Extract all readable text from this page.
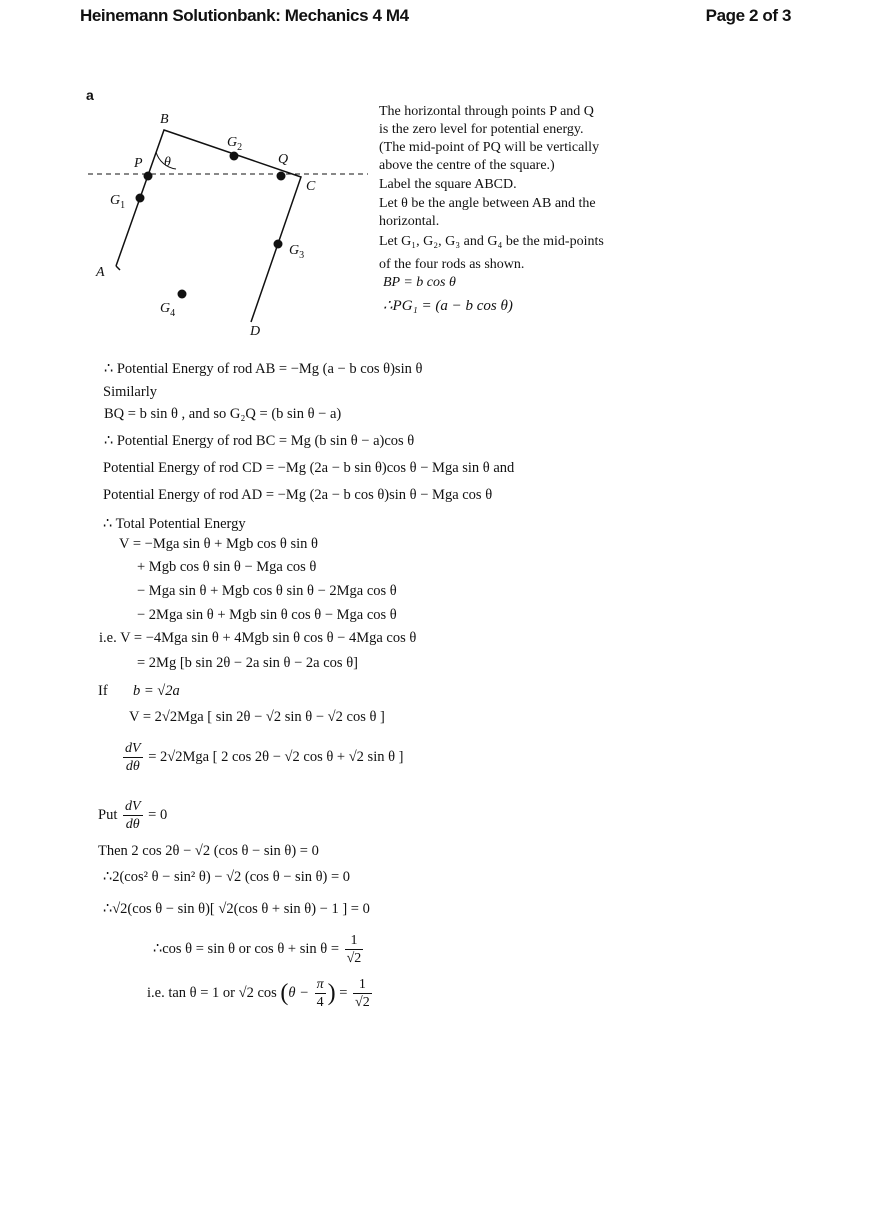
Heinemann Solutionbank: Mechanics 4 M4	Page 2 of 3
a
B
$G_2$
P θ	Q
C
$G_1$
$G_3$
A
$G_4$
D
The horizontal through points P and Q
is the zero level for potential energy.
(The mid-point of PQ will be vertically
above the centre of the square.)
Label the square ABCD.
Let θ be the angle between AB and the
horizontal.
Let G₁, G₂, G₃ and G₄ be the mid-points
of the four rods as shown.
BP = b cos θ
∴PG₁ = (a − b cos θ)
∴ Potential Energy of rod AB = −Mg (a − b cos θ)sin θ
Similarly
BQ = b sin θ , and so G₂Q = (b sin θ − a)
∴ Potential Energy of rod BC = Mg (b sin θ − a)cos θ
Potential Energy of rod CD = −Mg (2a − b sin θ)cos θ − Mga sin θ and
Potential Energy of rod AD = −Mg (2a − b cos θ)sin θ − Mga cos θ
∴ Total Potential Energy
V = −Mga sin θ + Mgb cos θ sin θ
+ Mgb cos θ sin θ − Mga cos θ
− Mga sin θ + Mgb cos θ sin θ − 2Mga cos θ
− 2Mga sin θ + Mgb sin θ cos θ − Mga cos θ
i.e. V = −4Mga sin θ + 4Mgb sin θ cos θ − 4Mga cos θ
= 2Mg [b sin 2θ − 2a sin θ − 2a cos θ]
If b = √2a
V = 2√2Mga [ sin 2θ − √2 sin θ − √2 cos θ ]
$\frac{dV}{d\theta} = 2√2Mga$ [ 2 cos 2θ − √2 cos θ + √2 sin θ ]
Put $\frac{dV}{d\theta} = 0$
Then 2 cos 2θ − √2 (cos θ − sin θ) = 0
∴2(cos² θ − sin² θ) − √2 (cos θ − sin θ) = 0
∴√2(cos θ − sin θ)[ √2(cos θ + sin θ) − 1 ] = 0
∴cos θ = sin θ or $\cos \theta + \sin \theta = \frac{1}{√2}$
i.e. tan θ = 1 or √2 $\cos (\theta - \frac{\pi}{4}$ ) = $\frac{1}{√2}$
